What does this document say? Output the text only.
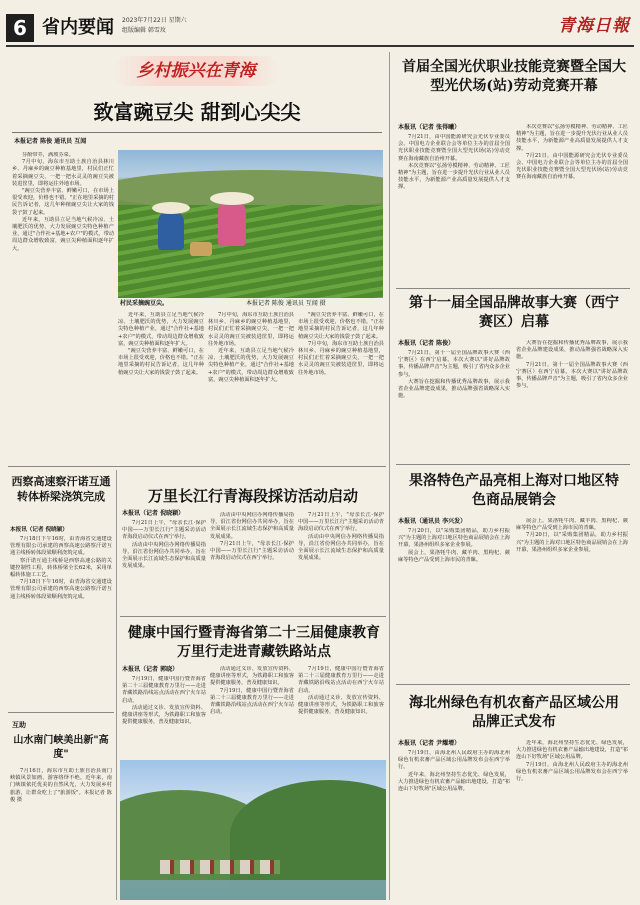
6 省内要闻 2023年7月22日 星期六
组版编辑 韩雪玫	青海日報
乡村振兴在青海
致富豌豆尖 甜到心尖尖
本报记者 陈俊 通讯员 互闻

芬酚带芥，满坡芬菜。

7月中旬，海东市互助土族自治县林川乡、丹麻乡的豌豆种植基地里，村民们正忙着采摘豌豆尖，一把一把水灵灵的豌豆尖被装进筐里，即将运往外地市场。

"豌豆尖营养丰富、鲜嫩可口，在市场上很受欢迎，价格也不错。"正在地里采摘的村民告诉记者，这几年种植豌豆尖让大家的钱袋子鼓了起来。

近年来，互助县立足当地气候冷凉、土壤肥沃的优势，大力发展豌豆尖特色种植产业，通过"合作社+基地+农户"的模式，带动周边群众增收致富，豌豆尖种植面积逐年扩大。

村民采摘豌豆尖。	本报记者 陈俊 通讯员 互闻 摄

近年来，互助县立足当地气候冷凉、土壤肥沃的优势，大力发展豌豆尖特色种植产业，通过"合作社+基地+农户"的模式，带动周边群众增收致富，豌豆尖种植面积逐年扩大。

"豌豆尖营养丰富、鲜嫩可口，在市场上很受欢迎，价格也不错。"正在地里采摘的村民告诉记者，这几年种植豌豆尖让大家的钱袋子鼓了起来。

7月中旬，海东市互助土族自治县林川乡、丹麻乡的豌豆种植基地里，村民们正忙着采摘豌豆尖，一把一把水灵灵的豌豆尖被装进筐里，即将运往外地市场。

近年来，互助县立足当地气候冷凉、土壤肥沃的优势，大力发展豌豆尖特色种植产业，通过"合作社+基地+农户"的模式，带动周边群众增收致富，豌豆尖种植面积逐年扩大。

"豌豆尖营养丰富、鲜嫩可口，在市场上很受欢迎，价格也不错。"正在地里采摘的村民告诉记者，这几年种植豌豆尖让大家的钱袋子鼓了起来。

7月中旬，海东市互助土族自治县林川乡、丹麻乡的豌豆种植基地里，村民们正忙着采摘豌豆尖，一把一把水灵灵的豌豆尖被装进筐里，即将运往外地市场。

首届全国光伏职业技能竞赛暨全国大型光伏场(站)劳动竞赛开幕
本报讯（记者 张得曦）

7月21日，由中国能源研究会光伏专业委员会、中国电力企业联合会等单位主办的首届全国光伏职业技能竞赛暨全国大型光伏场(站)劳动竞赛在海南藏族自治州开幕。

本次竞赛以"弘扬劳模精神、劳动精神、工匠精神"为主题，旨在进一步提升光伏行业从业人员技能水平，为新能源产业高质量发展提供人才支撑。

本次竞赛以"弘扬劳模精神、劳动精神、工匠精神"为主题，旨在进一步提升光伏行业从业人员技能水平，为新能源产业高质量发展提供人才支撑。

7月21日，由中国能源研究会光伏专业委员会、中国电力企业联合会等单位主办的首届全国光伏职业技能竞赛暨全国大型光伏场(站)劳动竞赛在海南藏族自治州开幕。

第十一届全国品牌故事大赛（西宁赛区）启幕
本报讯（记者 陈俊）

7月21日，第十一届全国品牌故事大赛（西宁赛区）在西宁启幕。本次大赛以"讲好品牌故事，传播品牌声音"为主题，吸引了省内众多企业参与。

大赛旨在挖掘和传播优秀品牌故事，展示我省企业品牌建设成果，推动品牌强省战略深入实施。

大赛旨在挖掘和传播优秀品牌故事，展示我省企业品牌建设成果，推动品牌强省战略深入实施。

7月21日，第十一届全国品牌故事大赛（西宁赛区）在西宁启幕。本次大赛以"讲好品牌故事，传播品牌声音"为主题，吸引了省内众多企业参与。

果洛特色产品亮相上海对口地区特色商品展销会
本报讯（通讯员 李兴发）

7月20日，以"采购集团精品，助力乡村振兴"为主题的上海对口地区特色商品展销会在上海开幕，果洛州组织多家企业参展。

展会上，果洛牦牛肉、藏羊肉、黑枸杞、蕨麻等特色产品受到上海市民的青睐。

展会上，果洛牦牛肉、藏羊肉、黑枸杞、蕨麻等特色产品受到上海市民的青睐。

7月20日，以"采购集团精品，助力乡村振兴"为主题的上海对口地区特色商品展销会在上海开幕，果洛州组织多家企业参展。

海北州绿色有机农畜产品区域公用品牌正式发布
本报讯（记者 尹耀增）

7月19日，由海北州人民政府主办的海北州绿色有机农畜产品区域公用品牌发布会在西宁举行。

近年来，海北州坚持生态优先、绿色发展，大力推进绿色有机农畜产品输出地建设，打造"祁连山下好牧场"区域公用品牌。

近年来，海北州坚持生态优先、绿色发展，大力推进绿色有机农畜产品输出地建设，打造"祁连山下好牧场"区域公用品牌。

7月19日，由海北州人民政府主办的海北州绿色有机农畜产品区域公用品牌发布会在西宁举行。

西察高速察汗诺互通转体桥梁浇筑完成
本报讯（记者 倪晓颖）

7月18日下午16时，由青海省交通建设管理有限公司承建的西察高速公路察汗诺互通主线桥转体段梁顺利浇筑完成。

察汗诺互通主线桥是西察高速公路的关键控制性工程，转体桥梁全长62米，采用单幅转体施工工艺。

7月18日下午16时，由青海省交通建设管理有限公司承建的西察高速公路察汗诺互通主线桥转体段梁顺利浇筑完成。

互助
山水南门峡美出新"高度"

7月16日，海东市互助土族自治县南门峡镇风景如画，游客络绎不绝。近年来，南门峡镇依托优美的自然风光，大力发展乡村旅游，让群众吃上了"旅游饭"。本报记者 陈俊 摄

万里长江行青海段採访活动启动
本报讯（记者 倪晓颖）

7月21日上午，"母亲长江·保护中国——万里长江行"主题采访活动青海段启动仪式在西宁举行。

活动由中央网信办网络传播局指导，沿江省份网信办共同举办，旨在全面展示长江流域生态保护和高质量发展成果。

活动由中央网信办网络传播局指导，沿江省份网信办共同举办，旨在全面展示长江流域生态保护和高质量发展成果。

7月21日上午，"母亲长江·保护中国——万里长江行"主题采访活动青海段启动仪式在西宁举行。

7月21日上午，"母亲长江·保护中国——万里长江行"主题采访活动青海段启动仪式在西宁举行。

活动由中央网信办网络传播局指导，沿江省份网信办共同举办，旨在全面展示长江流域生态保护和高质量发展成果。

健康中国行暨青海省第二十三届健康教育万里行走进青藏铁路站点
本报讯（记者 郭晓）

7月19日，健康中国行暨青海省第二十三届健康教育万里行——走进青藏铁路沿线站点活动在西宁火车站启动。

活动通过义诊、发放宣传资料、健康讲座等形式，为铁路职工和旅客提供健康服务，普及健康知识。

活动通过义诊、发放宣传资料、健康讲座等形式，为铁路职工和旅客提供健康服务，普及健康知识。

7月19日，健康中国行暨青海省第二十三届健康教育万里行——走进青藏铁路沿线站点活动在西宁火车站启动。

7月19日，健康中国行暨青海省第二十三届健康教育万里行——走进青藏铁路沿线站点活动在西宁火车站启动。

活动通过义诊、发放宣传资料、健康讲座等形式，为铁路职工和旅客提供健康服务，普及健康知识。
